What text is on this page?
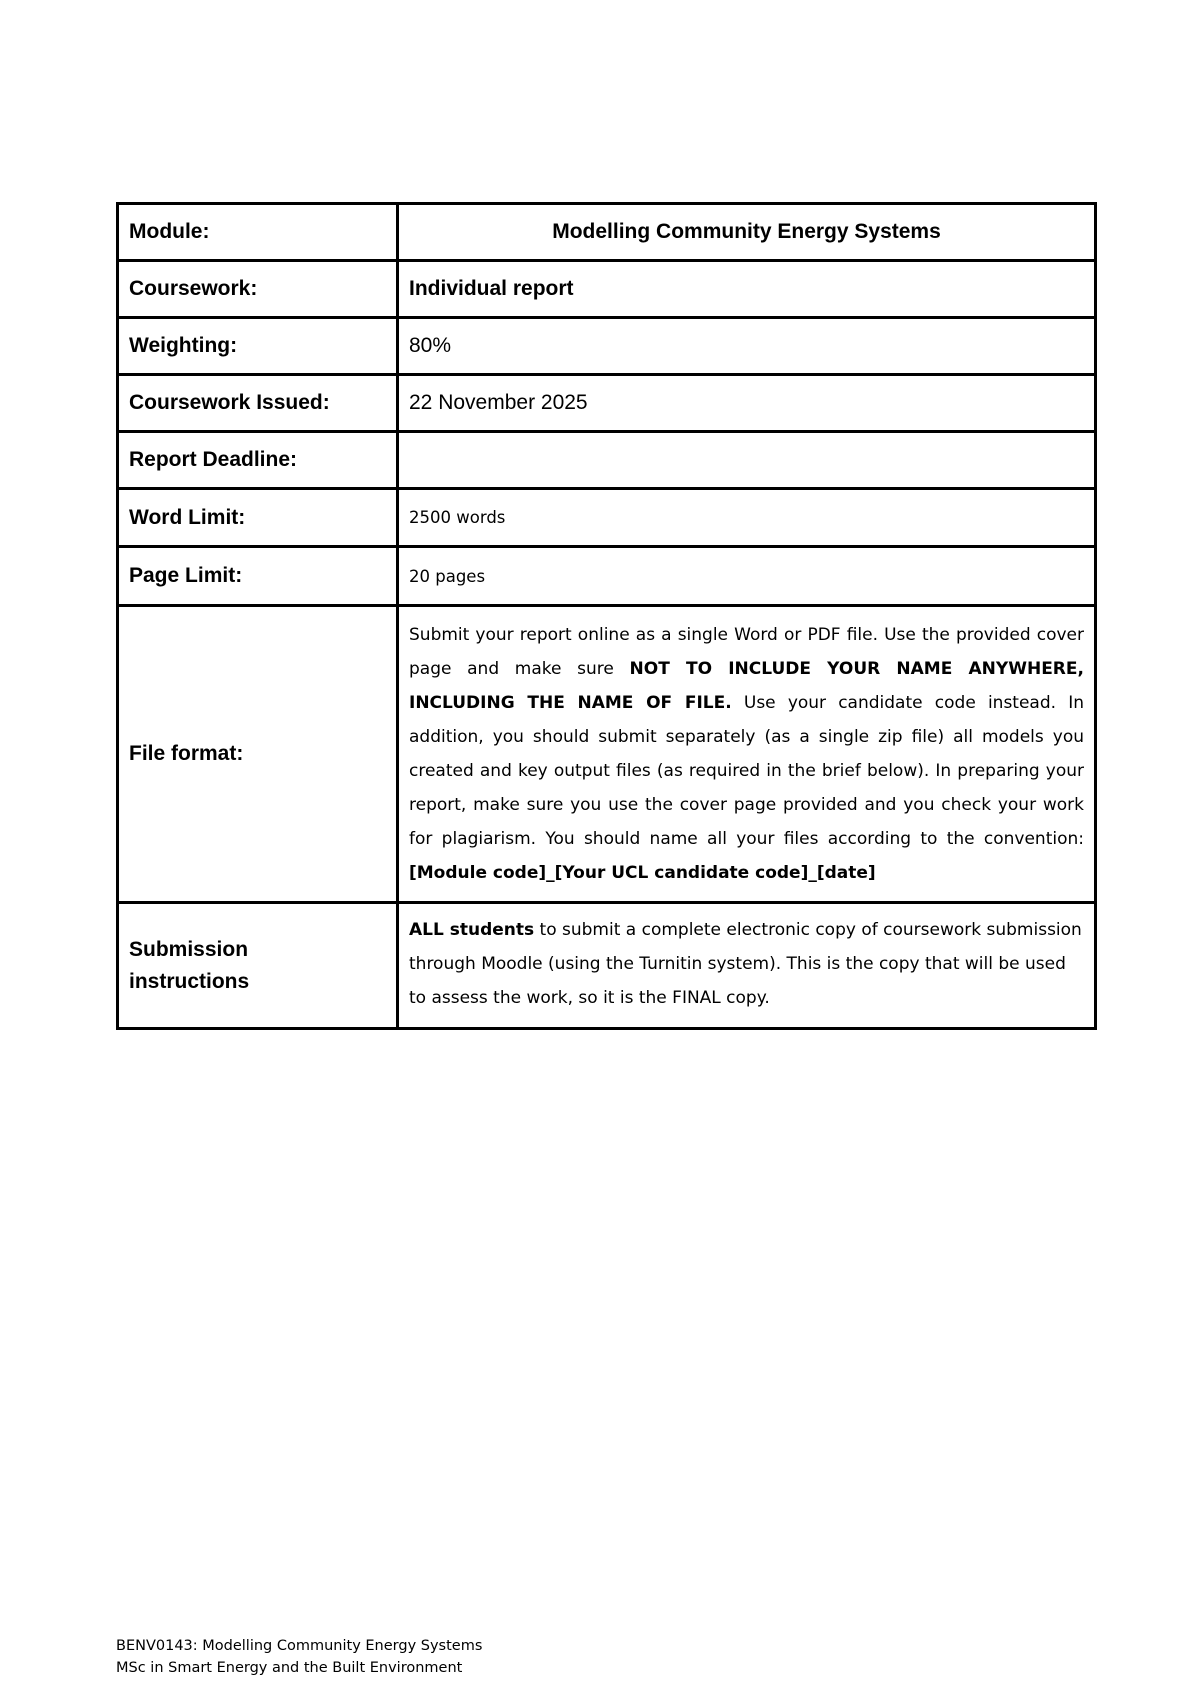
Module:	Modelling Community Energy Systems
Coursework:	Individual report
Weighting:	80%
Coursework Issued:	22 November 2025
Report Deadline:	
Word Limit:	2500 words
Page Limit:	20 pages
File format:	Submit your report online as a single Word or PDF file. Use the provided cover page and make sure NOT TO INCLUDE YOUR NAME ANYWHERE, INCLUDING THE NAME OF FILE. Use your candidate code instead. In addition, you should submit separately (as a single zip file) all models you created and key output files (as required in the brief below). In preparing your report, make sure you use the cover page provided and you check your work for plagiarism. You should name all your files according to the convention: [Module code]_[Your UCL candidate code]_[date]
Submission
instructions	ALL students to submit a complete electronic copy of coursework submission through Moodle (using the Turnitin system). This is the copy that will be used to assess the work, so it is the FINAL copy.
BENV0143: Modelling Community Energy Systems
MSc in Smart Energy and the Built Environment
